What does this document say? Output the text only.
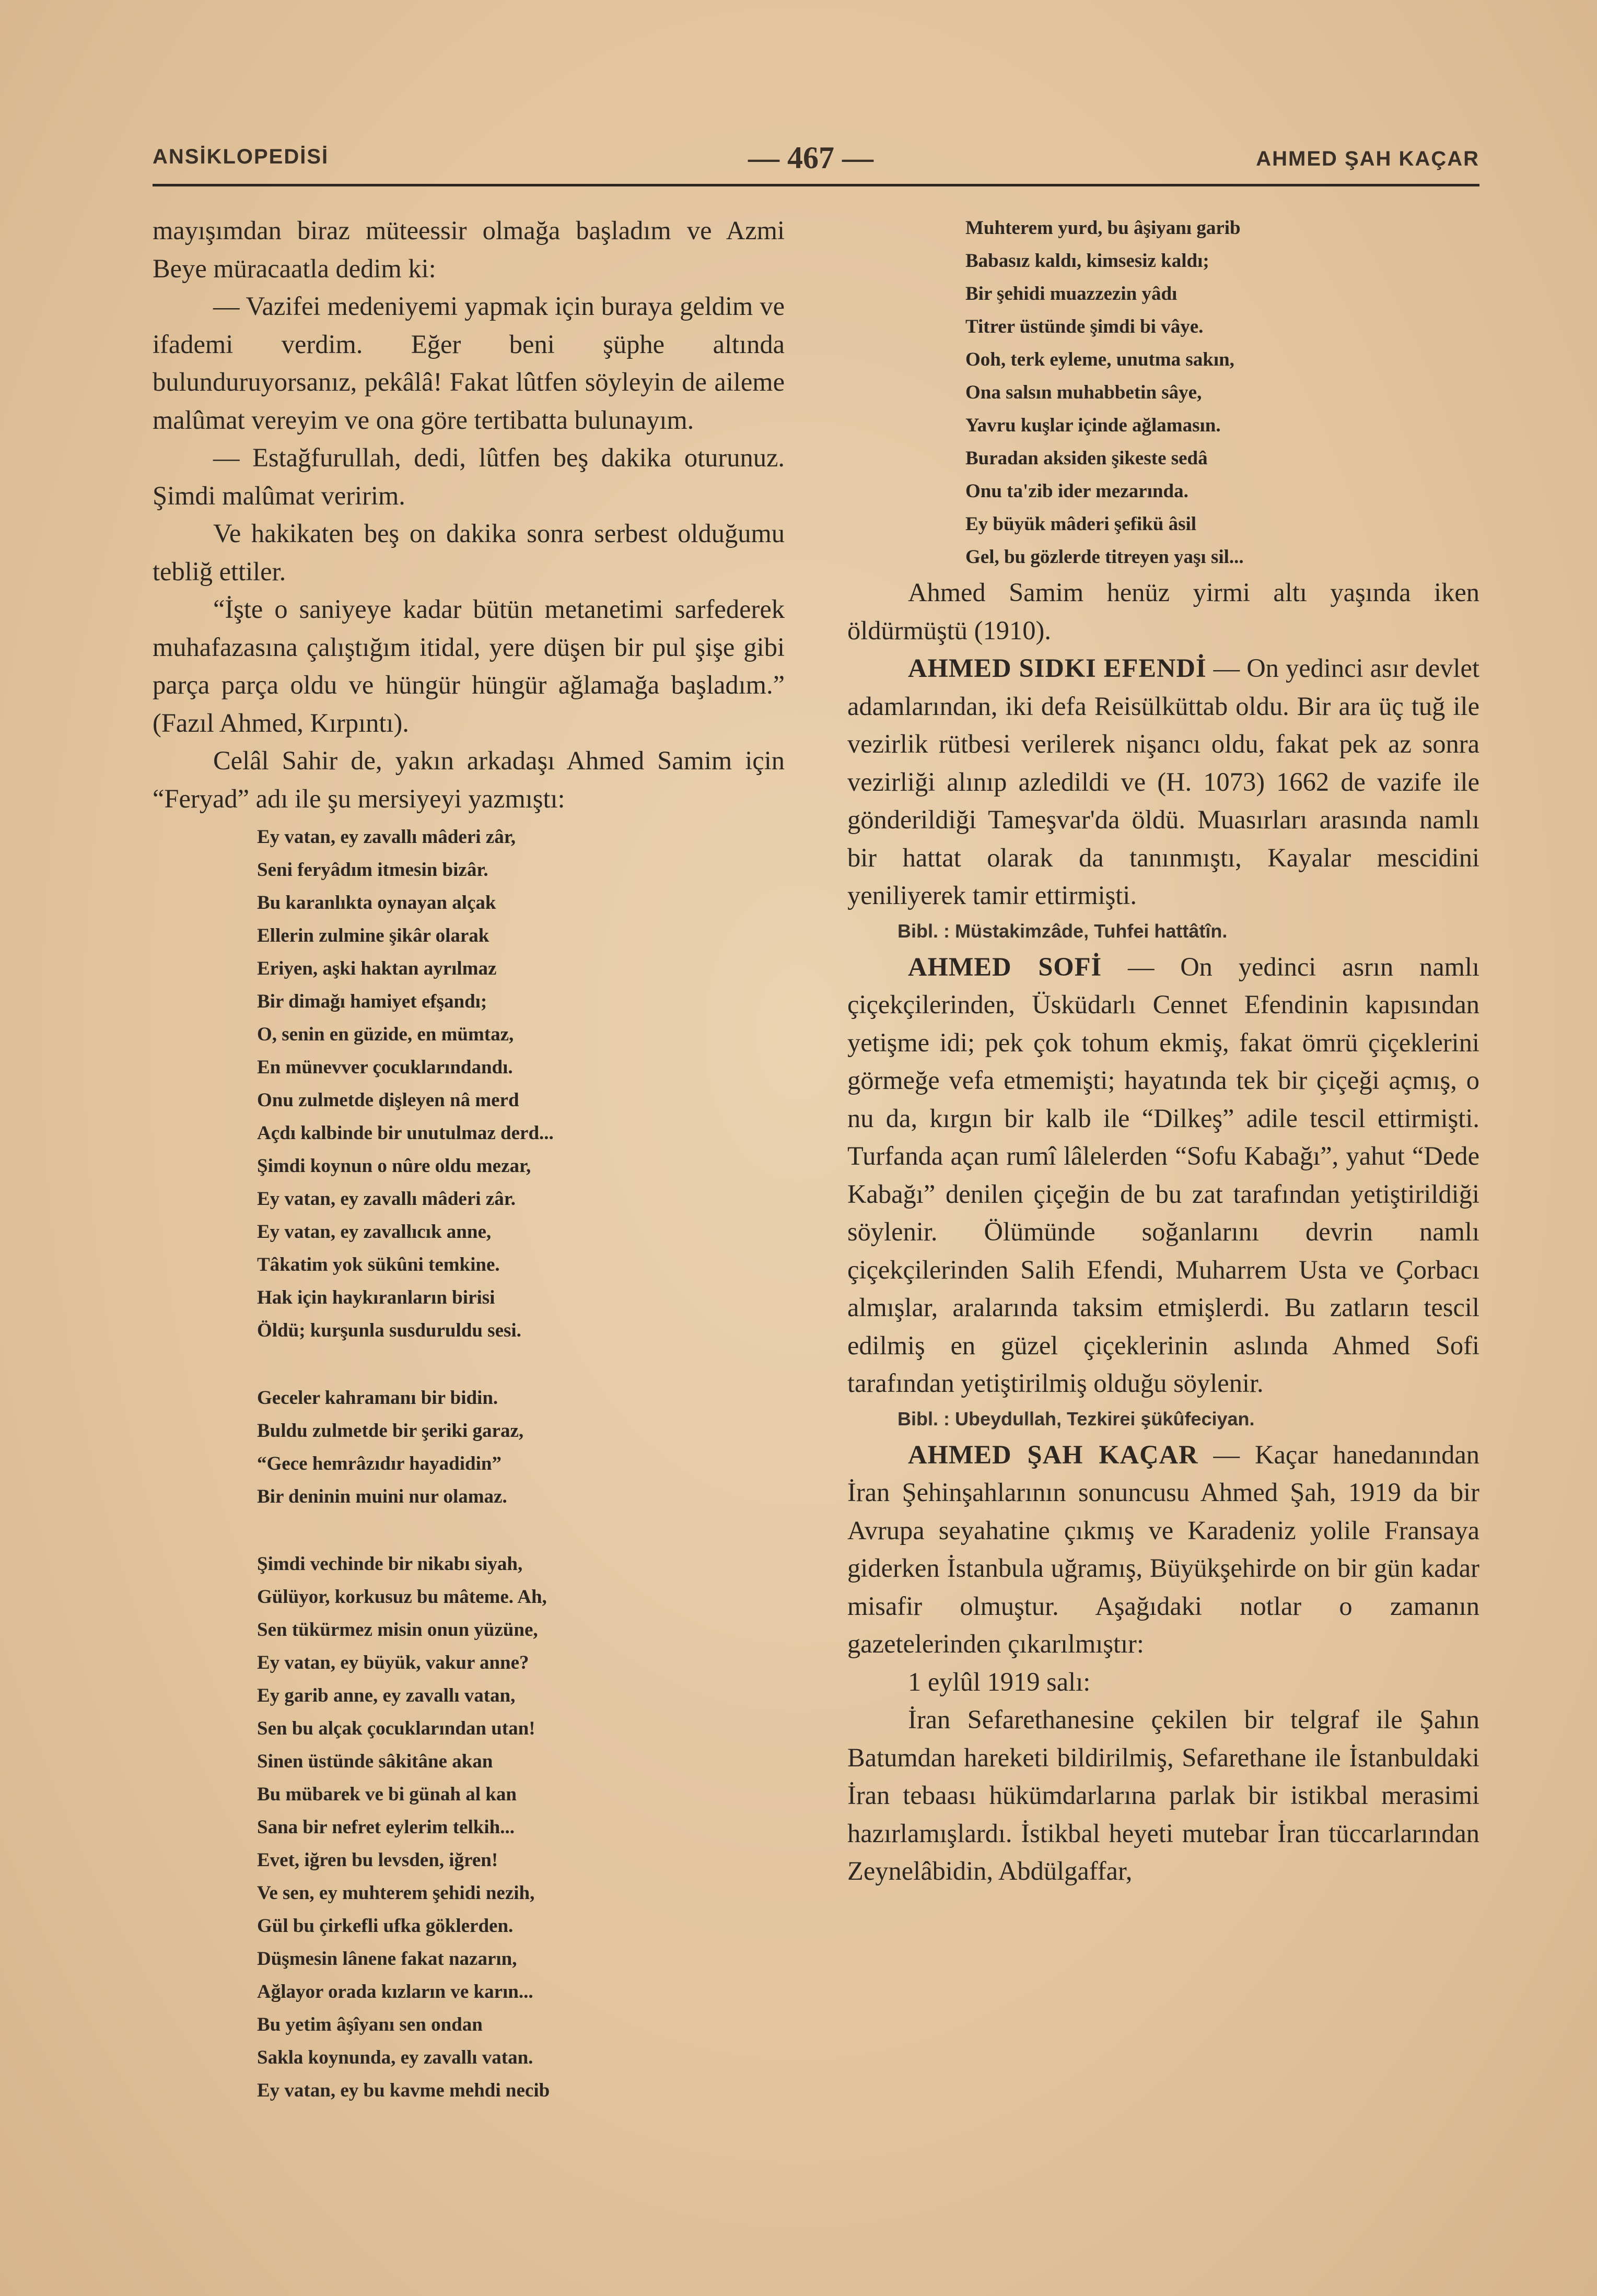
ANSİKLOPEDİSİ	— 467 —	AHMED ŞAH KAÇAR

mayışımdan biraz müteessir olmağa başladım ve Azmi Beye müracaatla dedim ki:

— Vazifei medeniyemi yapmak için buraya geldim ve ifademi verdim. Eğer beni şüphe altında bulunduruyorsanız, pekâlâ! Fakat lûtfen söyleyin de aileme malûmat vereyim ve ona göre tertibatta bulunayım.

— Estağfurullah, dedi, lûtfen beş dakika oturunuz. Şimdi malûmat veririm.

Ve hakikaten beş on dakika sonra serbest olduğumu tebliğ ettiler.

“İşte o saniyeye kadar bütün metanetimi sarfederek muhafazasına çalıştığım itidal, yere düşen bir pul şişe gibi parça parça oldu ve hüngür hüngür ağlamağa başladım.” (Fazıl Ahmed, Kırpıntı).

Celâl Sahir de, yakın arkadaşı Ahmed Samim için “Feryad” adı ile şu mersiyeyi yazmıştı:

Ey vatan, ey zavallı mâderi zâr,
Seni feryâdım itmesin bizâr.
Bu karanlıkta oynayan alçak
Ellerin zulmine şikâr olarak
Eriyen, aşki haktan ayrılmaz
Bir dimağı hamiyet efşandı;
O, senin en güzide, en mümtaz,
En münevver çocuklarındandı.
Onu zulmetde dişleyen nâ merd
Açdı kalbinde bir unutulmaz derd...
Şimdi koynun o nûre oldu mezar,
Ey vatan, ey zavallı mâderi zâr.
Ey vatan, ey zavallıcık anne,
Tâkatim yok sükûni temkine.
Hak için haykıranların birisi
Öldü; kurşunla susduruldu sesi.
Geceler kahramanı bir bidin.
Buldu zulmetde bir şeriki garaz,
“Gece hemrâzıdır hayadidin”
Bir deninin muini nur olamaz.
Şimdi vechinde bir nikabı siyah,
Gülüyor, korkusuz bu mâteme. Ah,
Sen tükürmez misin onun yüzüne,
Ey vatan, ey büyük, vakur anne?
Ey garib anne, ey zavallı vatan,
Sen bu alçak çocuklarından utan!
Sinen üstünde sâkitâne akan
Bu mübarek ve bi günah al kan
Sana bir nefret eylerim telkih...
Evet, iğren bu levsden, iğren!
Ve sen, ey muhterem şehidi nezih,
Gül bu çirkefli ufka göklerden.
Düşmesin lânene fakat nazarın,
Ağlayor orada kızların ve karın...
Bu yetim âşîyanı sen ondan
Sakla koynunda, ey zavallı vatan.
Ey vatan, ey bu kavme mehdi necib
Muhterem yurd, bu âşiyanı garib
Babasız kaldı, kimsesiz kaldı;
Bir şehidi muazzezin yâdı
Titrer üstünde şimdi bi vâye.
Ooh, terk eyleme, unutma sakın,
Ona salsın muhabbetin sâye,
Yavru kuşlar içinde ağlamasın.
Buradan aksiden şikeste sedâ
Onu ta'zib ider mezarında.
Ey büyük mâderi şefikü âsil
Gel, bu gözlerde titreyen yaşı sil...

Ahmed Samim henüz yirmi altı yaşında iken öldürmüştü (1910).

AHMED SIDKI EFENDİ — On yedinci asır devlet adamlarından, iki defa Reisülküttab oldu. Bir ara üç tuğ ile vezirlik rütbesi verilerek nişancı oldu, fakat pek az sonra vezirliği alınıp azledildi ve (H. 1073) 1662 de vazife ile gönderildiği Tameşvar'da öldü. Muasırları arasında namlı bir hattat olarak da tanınmıştı, Kayalar mescidini yeniliyerek tamir ettirmişti.

Bibl. : Müstakimzâde, Tuhfei hattâtîn.

AHMED SOFİ — On yedinci asrın namlı çiçekçilerinden, Üsküdarlı Cennet Efendinin kapısından yetişme idi; pek çok tohum ekmiş, fakat ömrü çiçeklerini görmeğe vefa etmemişti; hayatında tek bir çiçeği açmış, o nu da, kırgın bir kalb ile “Dilkeş” adile tescil ettirmişti. Turfanda açan rumî lâlelerden “Sofu Kabağı”, yahut “Dede Kabağı” denilen çiçeğin de bu zat tarafından yetiştirildiği söylenir. Ölümünde soğanlarını devrin namlı çiçekçilerinden Salih Efendi, Muharrem Usta ve Çorbacı almışlar, aralarında taksim etmişlerdi. Bu zatların tescil edilmiş en güzel çiçeklerinin aslında Ahmed Sofi tarafından yetiştirilmiş olduğu söylenir.

Bibl. : Ubeydullah, Tezkirei şükûfeciyan.

AHMED ŞAH KAÇAR — Kaçar hanedanından İran Şehinşahlarının sonuncusu Ahmed Şah, 1919 da bir Avrupa seyahatine çıkmış ve Karadeniz yolile Fransaya giderken İstanbula uğramış, Büyükşehirde on bir gün kadar misafir olmuştur. Aşağıdaki notlar o zamanın gazetelerinden çıkarılmıştır:

1 eylûl 1919 salı:

İran Sefarethanesine çekilen bir telgraf ile Şahın Batumdan hareketi bildirilmiş, Sefarethane ile İstanbuldaki İran tebaası hükümdarlarına parlak bir istikbal merasimi hazırlamışlardı. İstikbal heyeti mutebar İran tüccarlarından Zeynelâbidin, Abdülgaffar,
